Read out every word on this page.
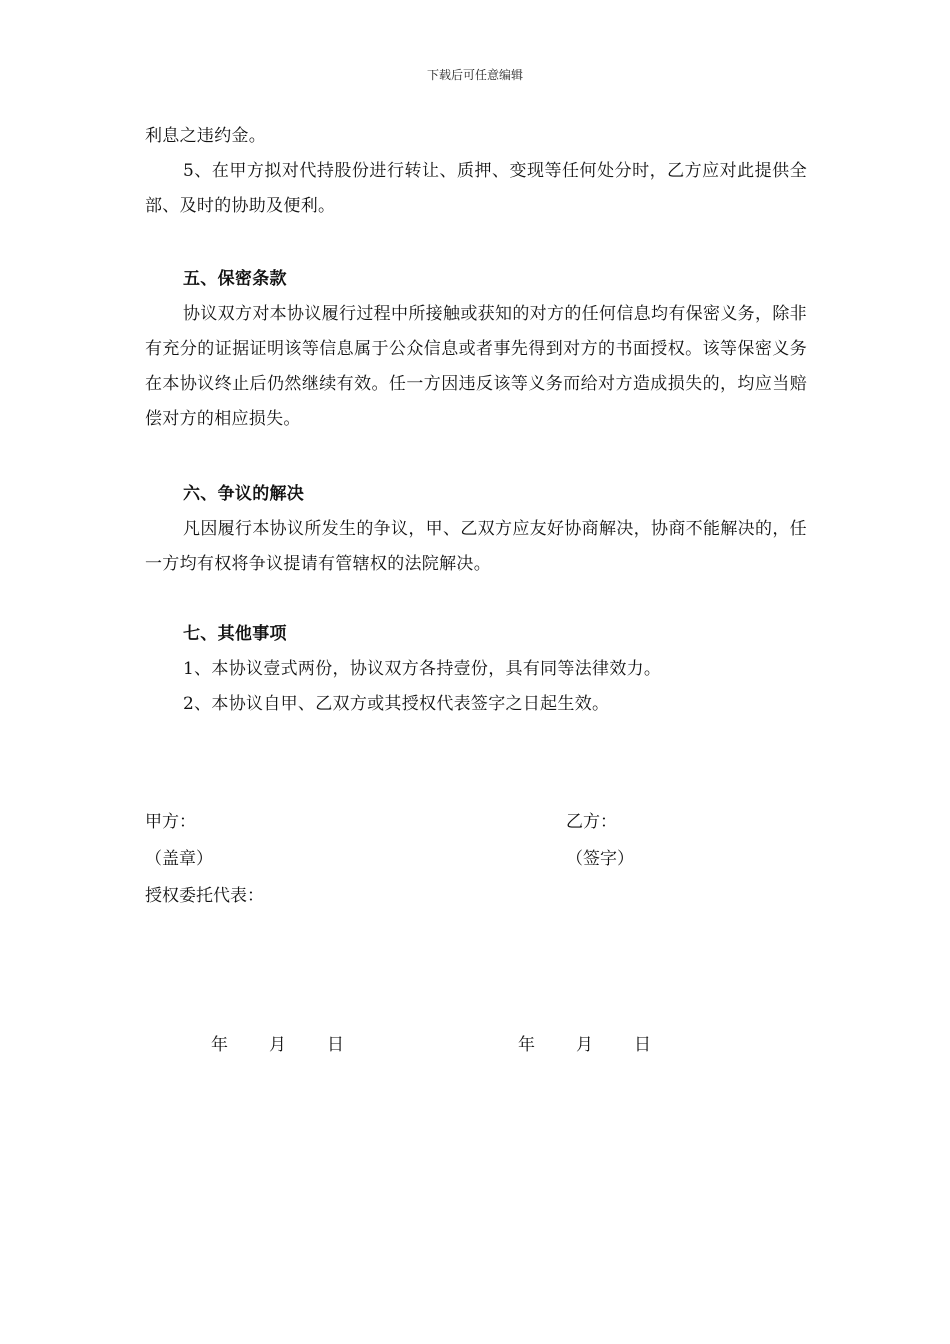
下载后可任意编辑

利息之违约金。

5、在甲方拟对代持股份进行转让、质押、变现等任何处分时，乙方应对此提供全部、及时的协助及便利。

五、保密条款

协议双方对本协议履行过程中所接触或获知的对方的任何信息均有保密义务，除非有充分的证据证明该等信息属于公众信息或者事先得到对方的书面授权。该等保密义务在本协议终止后仍然继续有效。任一方因违反该等义务而给对方造成损失的，均应当赔偿对方的相应损失。

六、争议的解决

凡因履行本协议所发生的争议，甲、乙双方应友好协商解决，协商不能解决的，任一方均有权将争议提请有管辖权的法院解决。

七、其他事项

1、本协议壹式两份，协议双方各持壹份，具有同等法律效力。

2、本协议自甲、乙双方或其授权代表签字之日起生效。

甲方：
（盖章）
授权委托代表：
乙方：
（签字）
年 月 日	年 月 日
